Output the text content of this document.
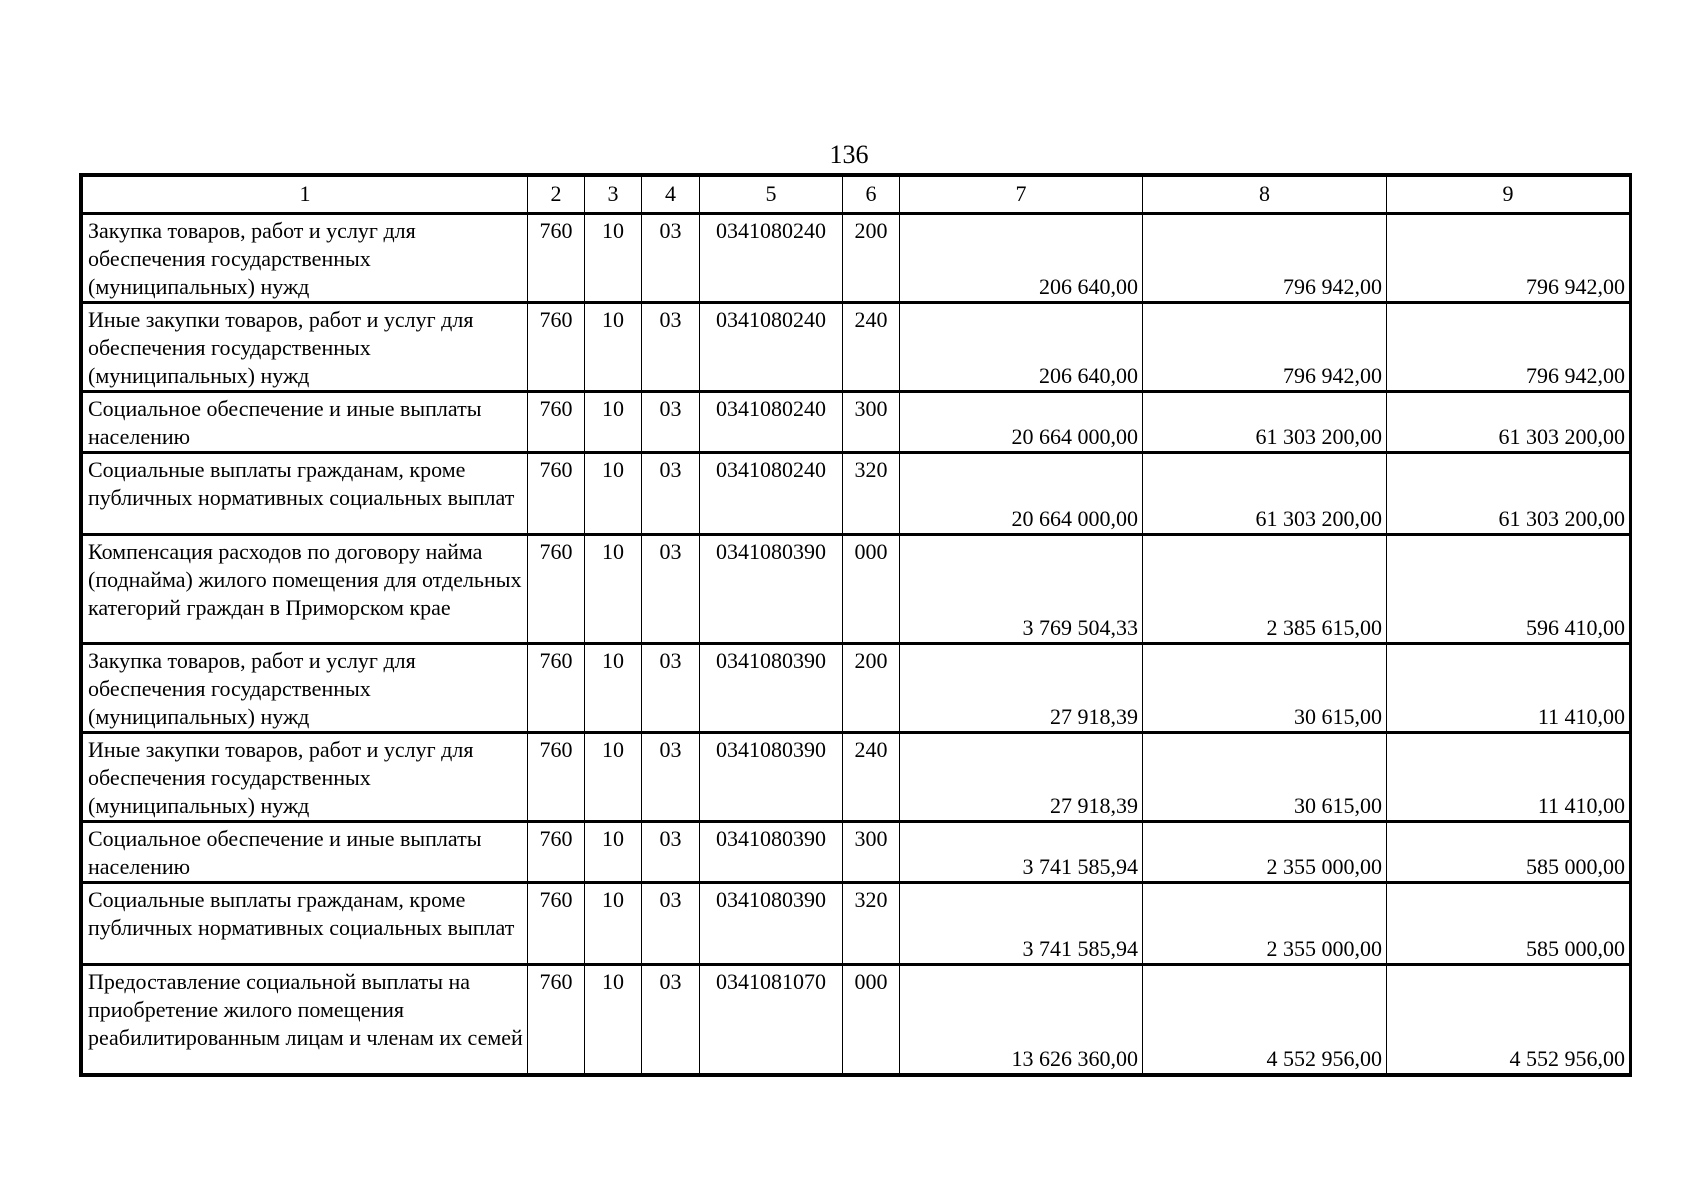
136
1	2	3	4	5	6	7	8	9
Закупка товаров, работ и услуг для обеспечения государственных (муниципальных) нужд	760	10	03	0341080240	200	206 640,00	796 942,00	796 942,00

Иные закупки товаров, работ и услуг для обеспечения государственных (муниципальных) нужд	760	10	03	0341080240	240	206 640,00	796 942,00	796 942,00

Социальное обеспечение и иные выплаты населению	760	10	03	0341080240	300	20 664 000,00	61 303 200,00	61 303 200,00

Социальные выплаты гражданам, кроме публичных нормативных социальных выплат	760	10	03	0341080240	320	20 664 000,00	61 303 200,00	61 303 200,00

Компенсация расходов по договору найма (поднайма) жилого помещения для отдельных категорий граждан в Приморском крае	760	10	03	0341080390	000	3 769 504,33	2 385 615,00	596 410,00

Закупка товаров, работ и услуг для обеспечения государственных (муниципальных) нужд	760	10	03	0341080390	200	27 918,39	30 615,00	11 410,00

Иные закупки товаров, работ и услуг для обеспечения государственных (муниципальных) нужд	760	10	03	0341080390	240	27 918,39	30 615,00	11 410,00

Социальное обеспечение и иные выплаты населению	760	10	03	0341080390	300	3 741 585,94	2 355 000,00	585 000,00

Социальные выплаты гражданам, кроме публичных нормативных социальных выплат	760	10	03	0341080390	320	3 741 585,94	2 355 000,00	585 000,00

Предоставление социальной выплаты на приобретение жилого помещения реабилитированным лицам и членам их семей	760	10	03	0341081070	000	13 626 360,00	4 552 956,00	4 552 956,00
